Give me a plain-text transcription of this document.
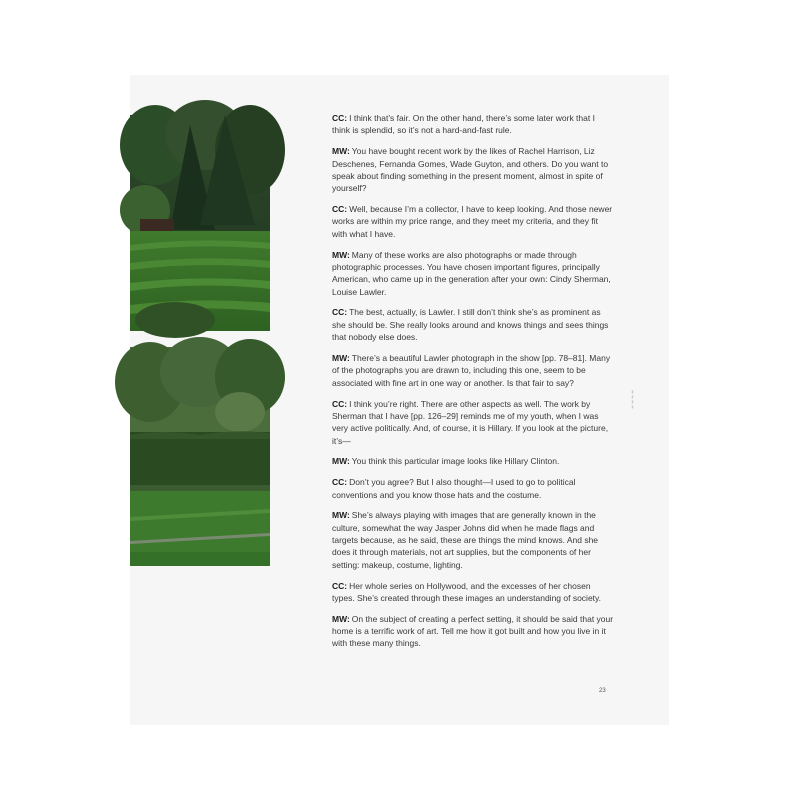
CC: I think that’s fair. On the other hand, there’s some later work that I think is splendid, so it’s not a hard-and-fast rule.

MW: You have bought recent work by the likes of Rachel Harrison, Liz Deschenes, Fernanda Gomes, Wade Guyton, and others. Do you want to speak about finding something in the present moment, almost in spite of yourself?

CC: Well, because I’m a collector, I have to keep looking. And those newer works are within my price range, and they meet my criteria, and they fit with what I have.

MW: Many of these works are also photographs or made through photographic processes. You have chosen important figures, principally American, who came up in the generation after your own: Cindy Sherman, Louise Lawler.

CC: The best, actually, is Lawler. I still don’t think she’s as prominent as she should be. She really looks around and knows things and sees things that nobody else does.

MW: There’s a beautiful Lawler photograph in the show [pp. 78–81]. Many of the photographs you are drawn to, including this one, seem to be associated with fine art in one way or another. Is that fair to say?

CC: I think you’re right. There are other aspects as well. The work by Sherman that I have [pp. 126–29] reminds me of my youth, when I was very active politically. And, of course, it is Hillary. If you look at the picture, it’s—

MW: You think this particular image looks like Hillary Clinton.

CC: Don’t you agree? But I also thought—I used to go to political conventions and you know those hats and the costume.

MW: She’s always playing with images that are generally known in the culture, somewhat the way Jasper Johns did when he made flags and targets because, as he said, these are things the mind knows. And she does it through materials, not art supplies, but the components of her setting: makeup, costume, lighting.

CC: Her whole series on Hollywood, and the excesses of her chosen types. She’s created through these images an understanding of society.

MW: On the subject of creating a perfect setting, it should be said that your home is a terrific work of art. Tell me how it got built and how you live in it with these many things.

▮▮▮▮
23
